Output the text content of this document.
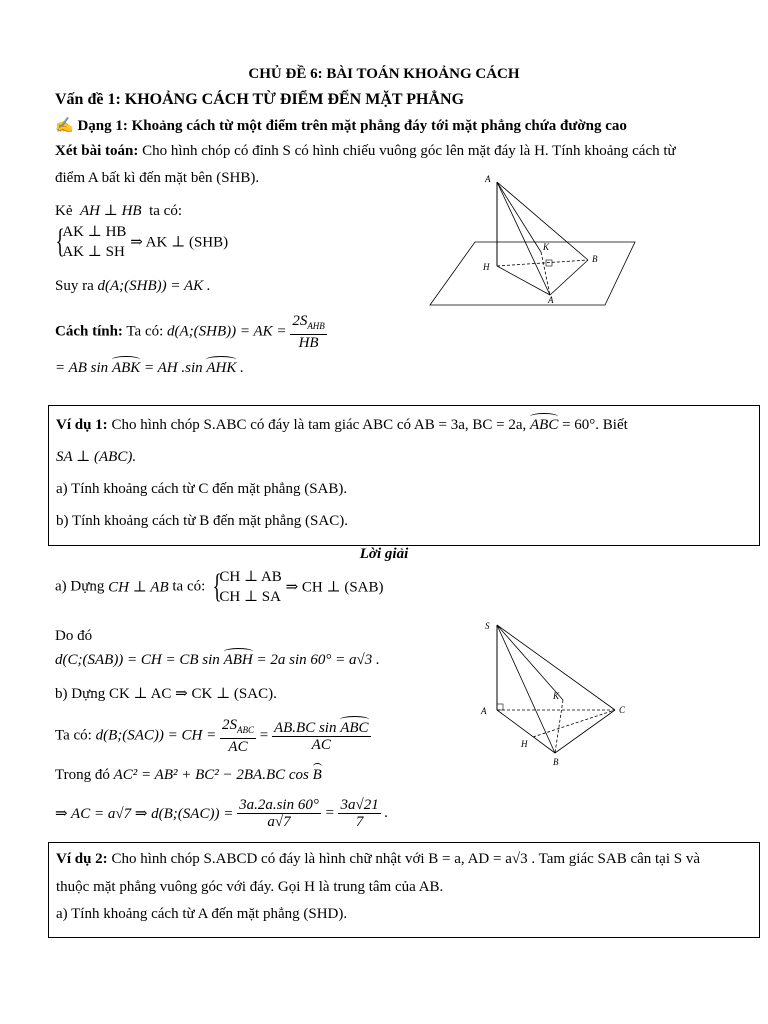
CHỦ ĐỀ 6: BÀI TOÁN KHOẢNG CÁCH
Vấn đề 1: KHOẢNG CÁCH TỪ ĐIỂM ĐẾN MẶT PHẲNG
✍ Dạng 1: Khoảng cách từ một điểm trên mặt phẳng đáy tới mặt phẳng chứa đường cao
Xét bài toán: Cho hình chóp có đỉnh S có hình chiếu vuông góc lên mặt đáy là H. Tính khoảng cách từ
điểm A bất kì đến mặt bên (SHB).
Kẻ AH ⊥ HB ta có:
{
AK ⊥ HB
AK ⊥ SH
⇒ AK ⊥ (SHB)
Suy ra d(A;(SHB)) = AK .
Cách tính: Ta có: d(A;(SHB)) = AK = $\frac{2S_{AHB}}{HB}$
= AB sin ABK = AH .sin AHK .
A
H
K
B
A
Ví dụ 1: Cho hình chóp S.ABC có đáy là tam giác ABC có AB = 3a, BC = 2a, ABC = 60°. Biết
SA ⊥ (ABC).
a) Tính khoảng cách từ C đến mặt phẳng (SAB).
b) Tính khoảng cách từ B đến mặt phẳng (SAC).
Lời giải
a) Dựng CH ⊥ AB ta có: {
CH ⊥ AB
CH ⊥ SA
⇒ CH ⊥ (SAB)
Do đó
d(C;(SAB)) = CH = CB sin ABH = 2a sin 60° = a√3 .
b) Dựng CK ⊥ AC ⇒ CK ⊥ (SAC).
Ta có: d(B;(SAC)) = CH = $\frac{2S_{ABC}}{AC} = \frac{\text{AB.BC sin ABC}}{AC}$
Trong đó AC² = AB² + BC² − 2BA.BC cos B
⇒ AC = a√7 ⇒ d(B;(SAC)) = $\frac{3a.2a.\sin 60^\circ}{a√7} = \frac{3a√21}{7}$ .
S
K
A	C
H
B
Ví dụ 2: Cho hình chóp S.ABCD có đáy là hình chữ nhật với B = a, AD = a√3 . Tam giác SAB cân tại S và
thuộc mặt phẳng vuông góc với đáy. Gọi H là trung tâm của AB.
a) Tính khoảng cách từ A đến mặt phẳng (SHD).
